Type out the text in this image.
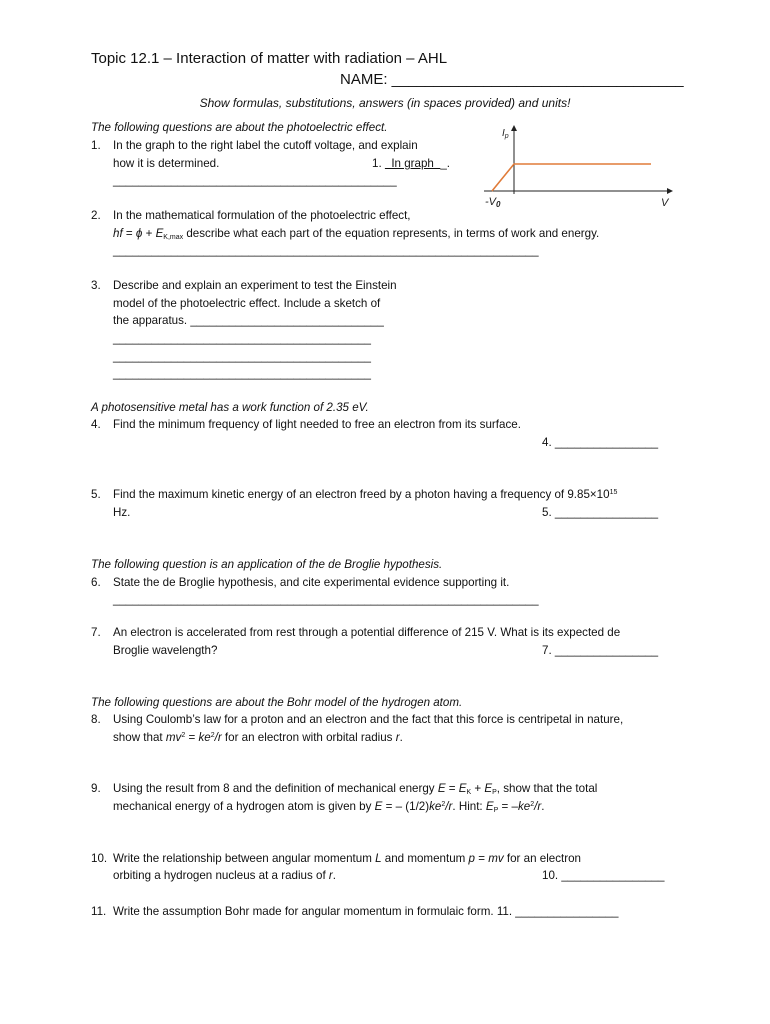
Topic 12.1 – Interaction of matter with radiation – AHL
NAME: ___________________________________
Show formulas, substitutions, answers (in spaces provided) and units!
The following questions are about the photoelectric effect.
1. In the graph to the right label the cutoff voltage, and explain
how it is determined.	1.   In graph  _.
____________________________________________
$I_p$
V
-V0
2. In the mathematical formulation of the photoelectric effect,
hf = $\phi + E_{K,max}$ describe what each part of the equation represents, in terms of work and energy.
__________________________________________________________________
3. Describe and explain an experiment to test the Einstein
model of the photoelectric effect. Include a sketch of
the apparatus. ______________________________
________________________________________
________________________________________
________________________________________
A photosensitive metal has a work function of 2.35 eV.
4. Find the minimum frequency of light needed to free an electron from its surface.
4. ________________
5. Find the maximum kinetic energy of an electron freed by a photon having a frequency of $9.85\times 10^{15}$
Hz.	5. ________________
The following question is an application of the de Broglie hypothesis.
6. State the de Broglie hypothesis, and cite experimental evidence supporting it.
__________________________________________________________________
7. An electron is accelerated from rest through a potential difference of 215 V. What is its expected de
Broglie wavelength?	7. ________________
The following questions are about the Bohr model of the hydrogen atom.
8. Using Coulomb’s law for a proton and an electron and the fact that this force is centripetal in nature,
show that $mv^2 = ke^2/r$ for an electron with orbital radius r.
9. Using the result from 8 and the definition of mechanical energy $E = E_K + E_P$, show that the total
mechanical energy of a hydrogen atom is given by E = – $(1/2)ke^2/r$. Hint: $E_P = -ke^2/r$.
10. Write the relationship between angular momentum L and momentum p = mv for an electron
orbiting a hydrogen nucleus at a radius of r.	10. ________________
11. Write the assumption Bohr made for angular momentum in formulaic form. 11. ________________
